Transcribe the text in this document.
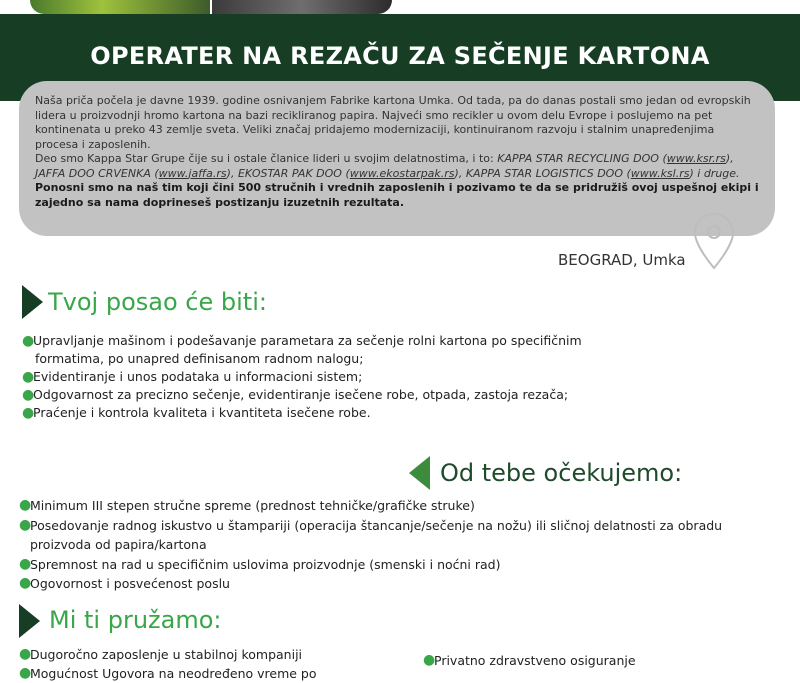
OPERATER NA REZAČU ZA SEČENJE KARTONA

Naša priča počela je davne 1939. godine osnivanjem Fabrike kartona Umka. Od tada, pa do danas postali smo jedan od evropskih lidera u proizvodnji hromo kartona na bazi recikliranog papira. Najveći smo recikler u ovom delu Evrope i poslujemo na pet kontinenata u preko 43 zemlje sveta. Veliki značaj pridajemo modernizaciji, kontinuiranom razvoju i stalnim unapređenjima procesa i zaposlenih.

Deo smo Kappa Star Grupe čije su i ostale članice lideri u svojim delatnostima, i to: KAPPA STAR RECYCLING DOO (www.ksr.rs), JAFFA DOO CRVENKA (www.jaffa.rs), EKOSTAR PAK DOO (www.ekostarpak.rs), KAPPA STAR LOGISTICS DOO (www.ksl.rs) i druge.

Ponosni smo na naš tim koji čini 500 stručnih i vrednih zaposlenih i pozivamo te da se pridružiš ovoj uspešnoj ekipi i zajedno sa nama doprineseš postizanju izuzetnih rezultata.

BEOGRAD, Umka
Tvoj posao će biti:
●
Upravljanje mašinom i podešavanje parametara za sečenje rolni kartona po specifičnim
formatima, po unapred definisanom radnom nalogu;
●
Evidentiranje i unos podataka u informacioni sistem;
●
Odgovarnost za precizno sečenje, evidentiranje isečene robe, otpada, zastoja rezača;
●
Praćenje i kontrola kvaliteta i kvantiteta isečene robe.
Od tebe očekujemo:
●
Minimum III stepen stručne spreme (prednost tehničke/grafičke struke)
●
Posedovanje radnog iskustvo u štampariji (operacija štancanje/sečenje na nožu) ili sličnoj delatnosti za obradu proizvoda od papira/kartona
●
Spremnost na rad u specifičnim uslovima proizvodnje (smenski i noćni rad)
●
Ogovornost i posvećenost poslu
Mi ti pružamo:
●
Dugoročno zaposlenje u stabilnoj kompaniji
●
Mogućnost Ugovora na neodređeno vreme po
●
Privatno zdravstveno osiguranje
